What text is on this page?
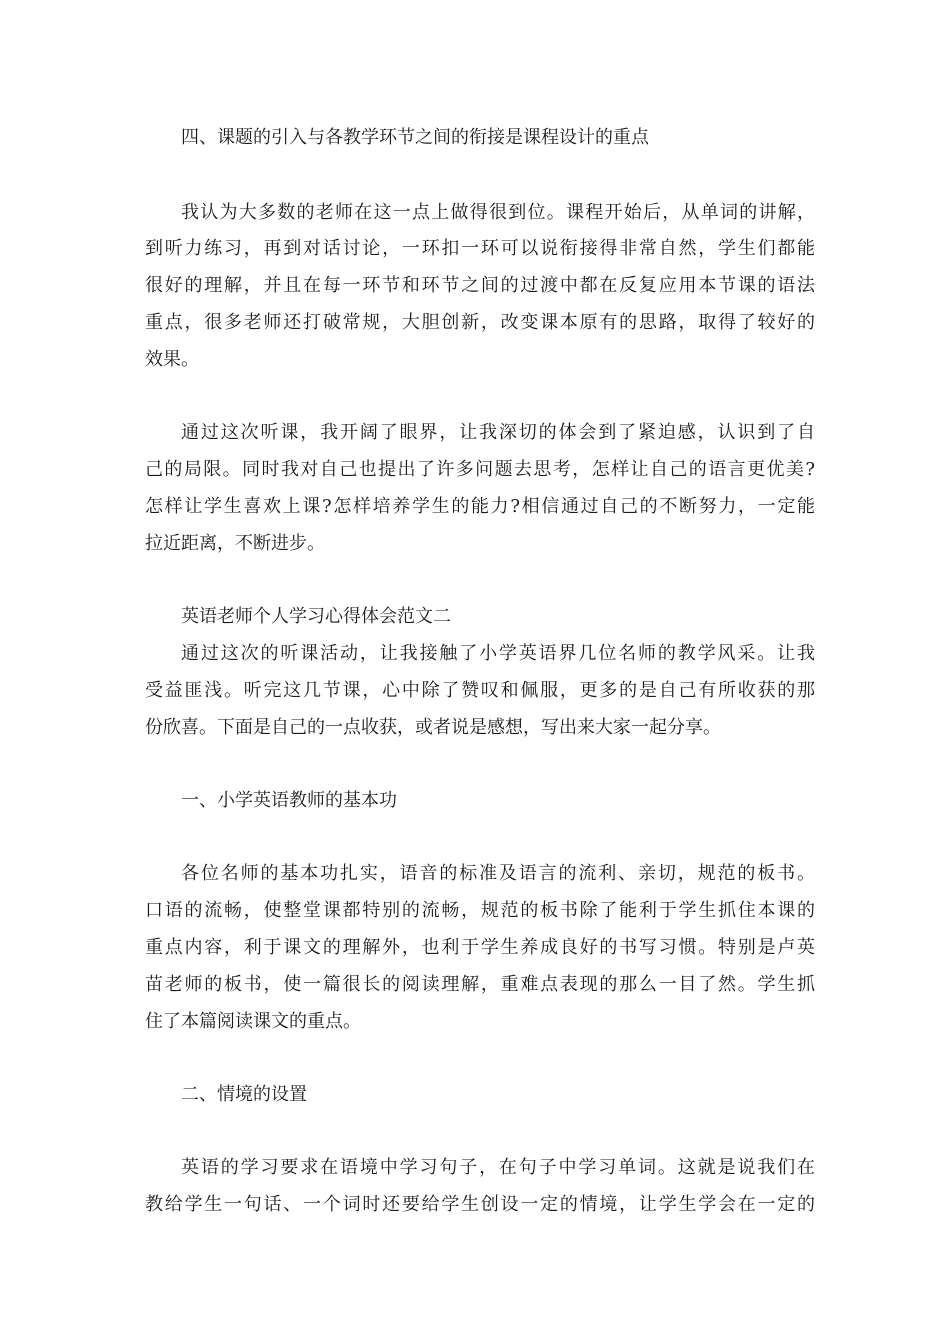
四、课题的引入与各教学环节之间的衔接是课程设计的重点

我认为大多数的老师在这一点上做得很到位。课程开始后，从单词的讲解，

到听力练习，再到对话讨论，一环扣一环可以说衔接得非常自然，学生们都能

很好的理解，并且在每一环节和环节之间的过渡中都在反复应用本节课的语法

重点，很多老师还打破常规，大胆创新，改变课本原有的思路，取得了较好的

效果。

通过这次听课，我开阔了眼界，让我深切的体会到了紧迫感，认识到了自

己的局限。同时我对自己也提出了许多问题去思考，怎样让自己的语言更优美?

怎样让学生喜欢上课?怎样培养学生的能力?相信通过自己的不断努力，一定能

拉近距离，不断进步。

英语老师个人学习心得体会范文二

通过这次的听课活动，让我接触了小学英语界几位名师的教学风采。让我

受益匪浅。听完这几节课，心中除了赞叹和佩服，更多的是自己有所收获的那

份欣喜。下面是自己的一点收获，或者说是感想，写出来大家一起分享。

一、小学英语教师的基本功

各位名师的基本功扎实，语音的标准及语言的流利、亲切，规范的板书。

口语的流畅，使整堂课都特别的流畅，规范的板书除了能利于学生抓住本课的

重点内容，利于课文的理解外，也利于学生养成良好的书写习惯。特别是卢英

苗老师的板书，使一篇很长的阅读理解，重难点表现的那么一目了然。学生抓

住了本篇阅读课文的重点。

二、情境的设置

英语的学习要求在语境中学习句子，在句子中学习单词。这就是说我们在

教给学生一句话、一个词时还要给学生创设一定的情境，让学生学会在一定的
